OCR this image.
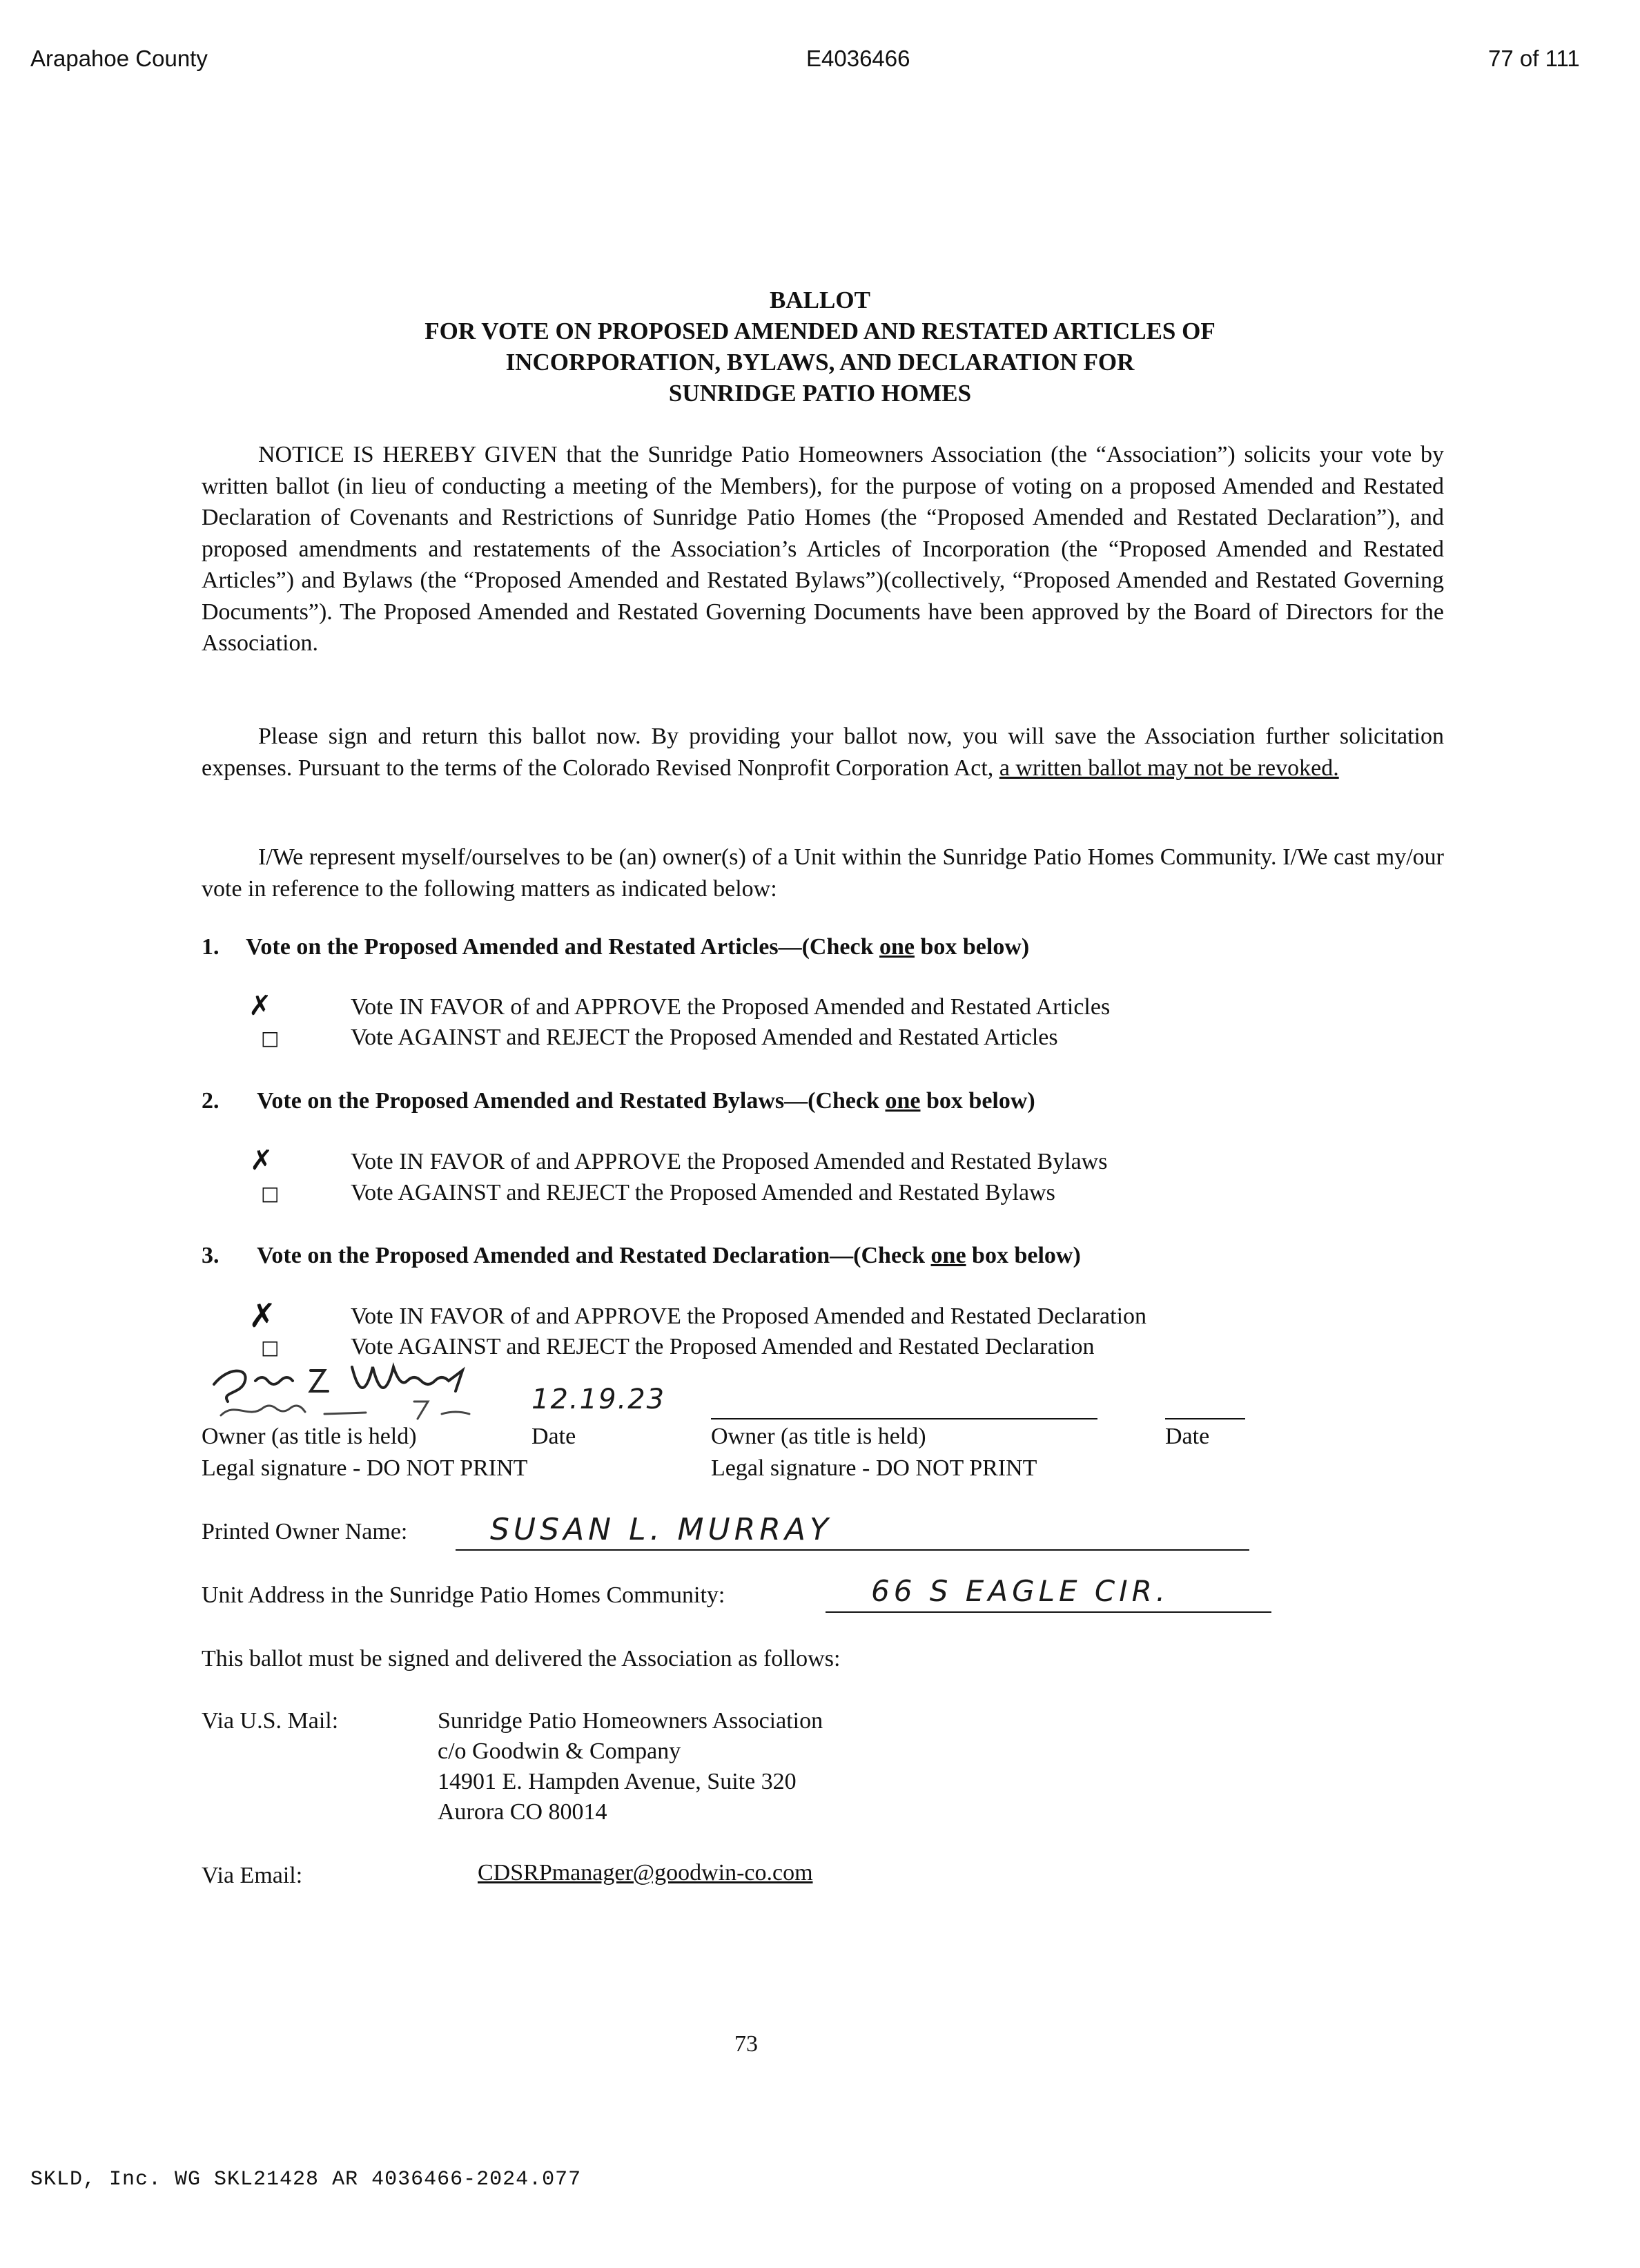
Arapahoe County	E4036466	77 of 111
BALLOT
FOR VOTE ON PROPOSED AMENDED AND RESTATED ARTICLES OF
INCORPORATION, BYLAWS, AND DECLARATION FOR
SUNRIDGE PATIO HOMES

NOTICE IS HEREBY GIVEN that the Sunridge Patio Homeowners Association (the “Association”) solicits your vote by written ballot (in lieu of conducting a meeting of the Members), for the purpose of voting on a proposed Amended and Restated Declaration of Covenants and Restrictions of Sunridge Patio Homes (the “Proposed Amended and Restated Declaration”), and proposed amendments and restatements of the Association’s Articles of Incorporation (the “Proposed Amended and Restated Articles”) and Bylaws (the “Proposed Amended and Restated Bylaws”)(collectively, “Proposed Amended and Restated Governing Documents”). The Proposed Amended and Restated Governing Documents have been approved by the Board of Directors for the Association.

Please sign and return this ballot now. By providing your ballot now, you will save the Association further solicitation expenses. Pursuant to the terms of the Colorado Revised Nonprofit Corporation Act, a written ballot may not be revoked.

I/We represent myself/ourselves to be (an) owner(s) of a Unit within the Sunridge Patio Homes Community. I/We cast my/our vote in reference to the following matters as indicated below:

1. Vote on the Proposed Amended and Restated Articles—(Check one box below)
✗	Vote IN FAVOR of and APPROVE the Proposed Amended and Restated Articles
□	Vote AGAINST and REJECT the Proposed Amended and Restated Articles
2. Vote on the Proposed Amended and Restated Bylaws—(Check one box below)
✗	Vote IN FAVOR of and APPROVE the Proposed Amended and Restated Bylaws
□	Vote AGAINST and REJECT the Proposed Amended and Restated Bylaws
3. Vote on the Proposed Amended and Restated Declaration—(Check one box below)
✗	Vote IN FAVOR of and APPROVE the Proposed Amended and Restated Declaration
□	Vote AGAINST and REJECT the Proposed Amended and Restated Declaration
12.19.23
Owner (as title is held)	Date	Owner (as title is held)	Date
Legal signature - DO NOT PRINT	Legal signature - DO NOT PRINT
Printed Owner Name:	SUSAN L. MURRAY
Unit Address in the Sunridge Patio Homes Community:	66 S EAGLE CIR.
This ballot must be signed and delivered the Association as follows:
Via U.S. Mail:	Sunridge Patio Homeowners Association
c/o Goodwin & Company
14901 E. Hampden Avenue, Suite 320
Aurora CO 80014
Via Email:	CDSRPmanager@goodwin-co.com
73
SKLD, Inc. WG SKL21428 AR 4036466-2024.077
